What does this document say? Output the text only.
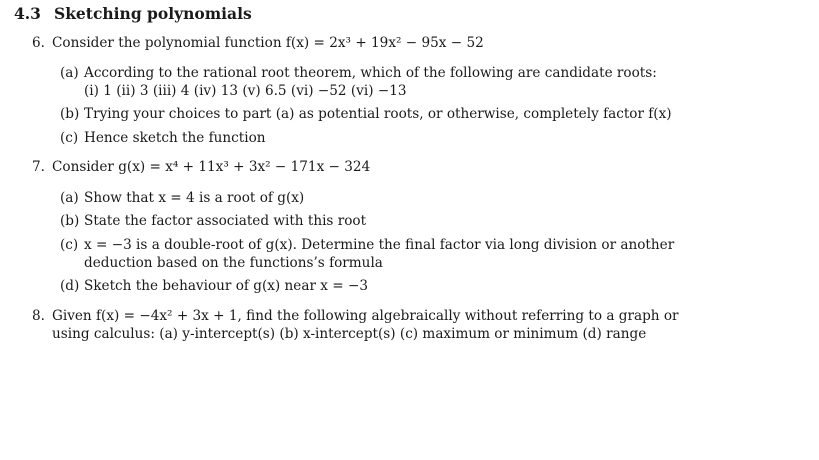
4.3 Sketching polynomials
6. Consider the polynomial function f(x) = 2x³ + 19x² − 95x − 52
(a) According to the rational root theorem, which of the following are candidate roots:
(i) 1 (ii) 3 (iii) 4 (iv) 13 (v) 6.5 (vi) −52 (vi) −13
(b) Trying your choices to part (a) as potential roots, or otherwise, completely factor f(x)
(c) Hence sketch the function
7. Consider g(x) = x⁴ + 11x³ + 3x² − 171x − 324
(a) Show that x = 4 is a root of g(x)
(b) State the factor associated with this root
(c) x = −3 is a double-root of g(x). Determine the final factor via long division or another
deduction based on the functions’s formula
(d) Sketch the behaviour of g(x) near x = −3
8. Given f(x) = −4x² + 3x + 1, find the following algebraically without referring to a graph or
using calculus: (a) y-intercept(s) (b) x-intercept(s) (c) maximum or minimum (d) range
